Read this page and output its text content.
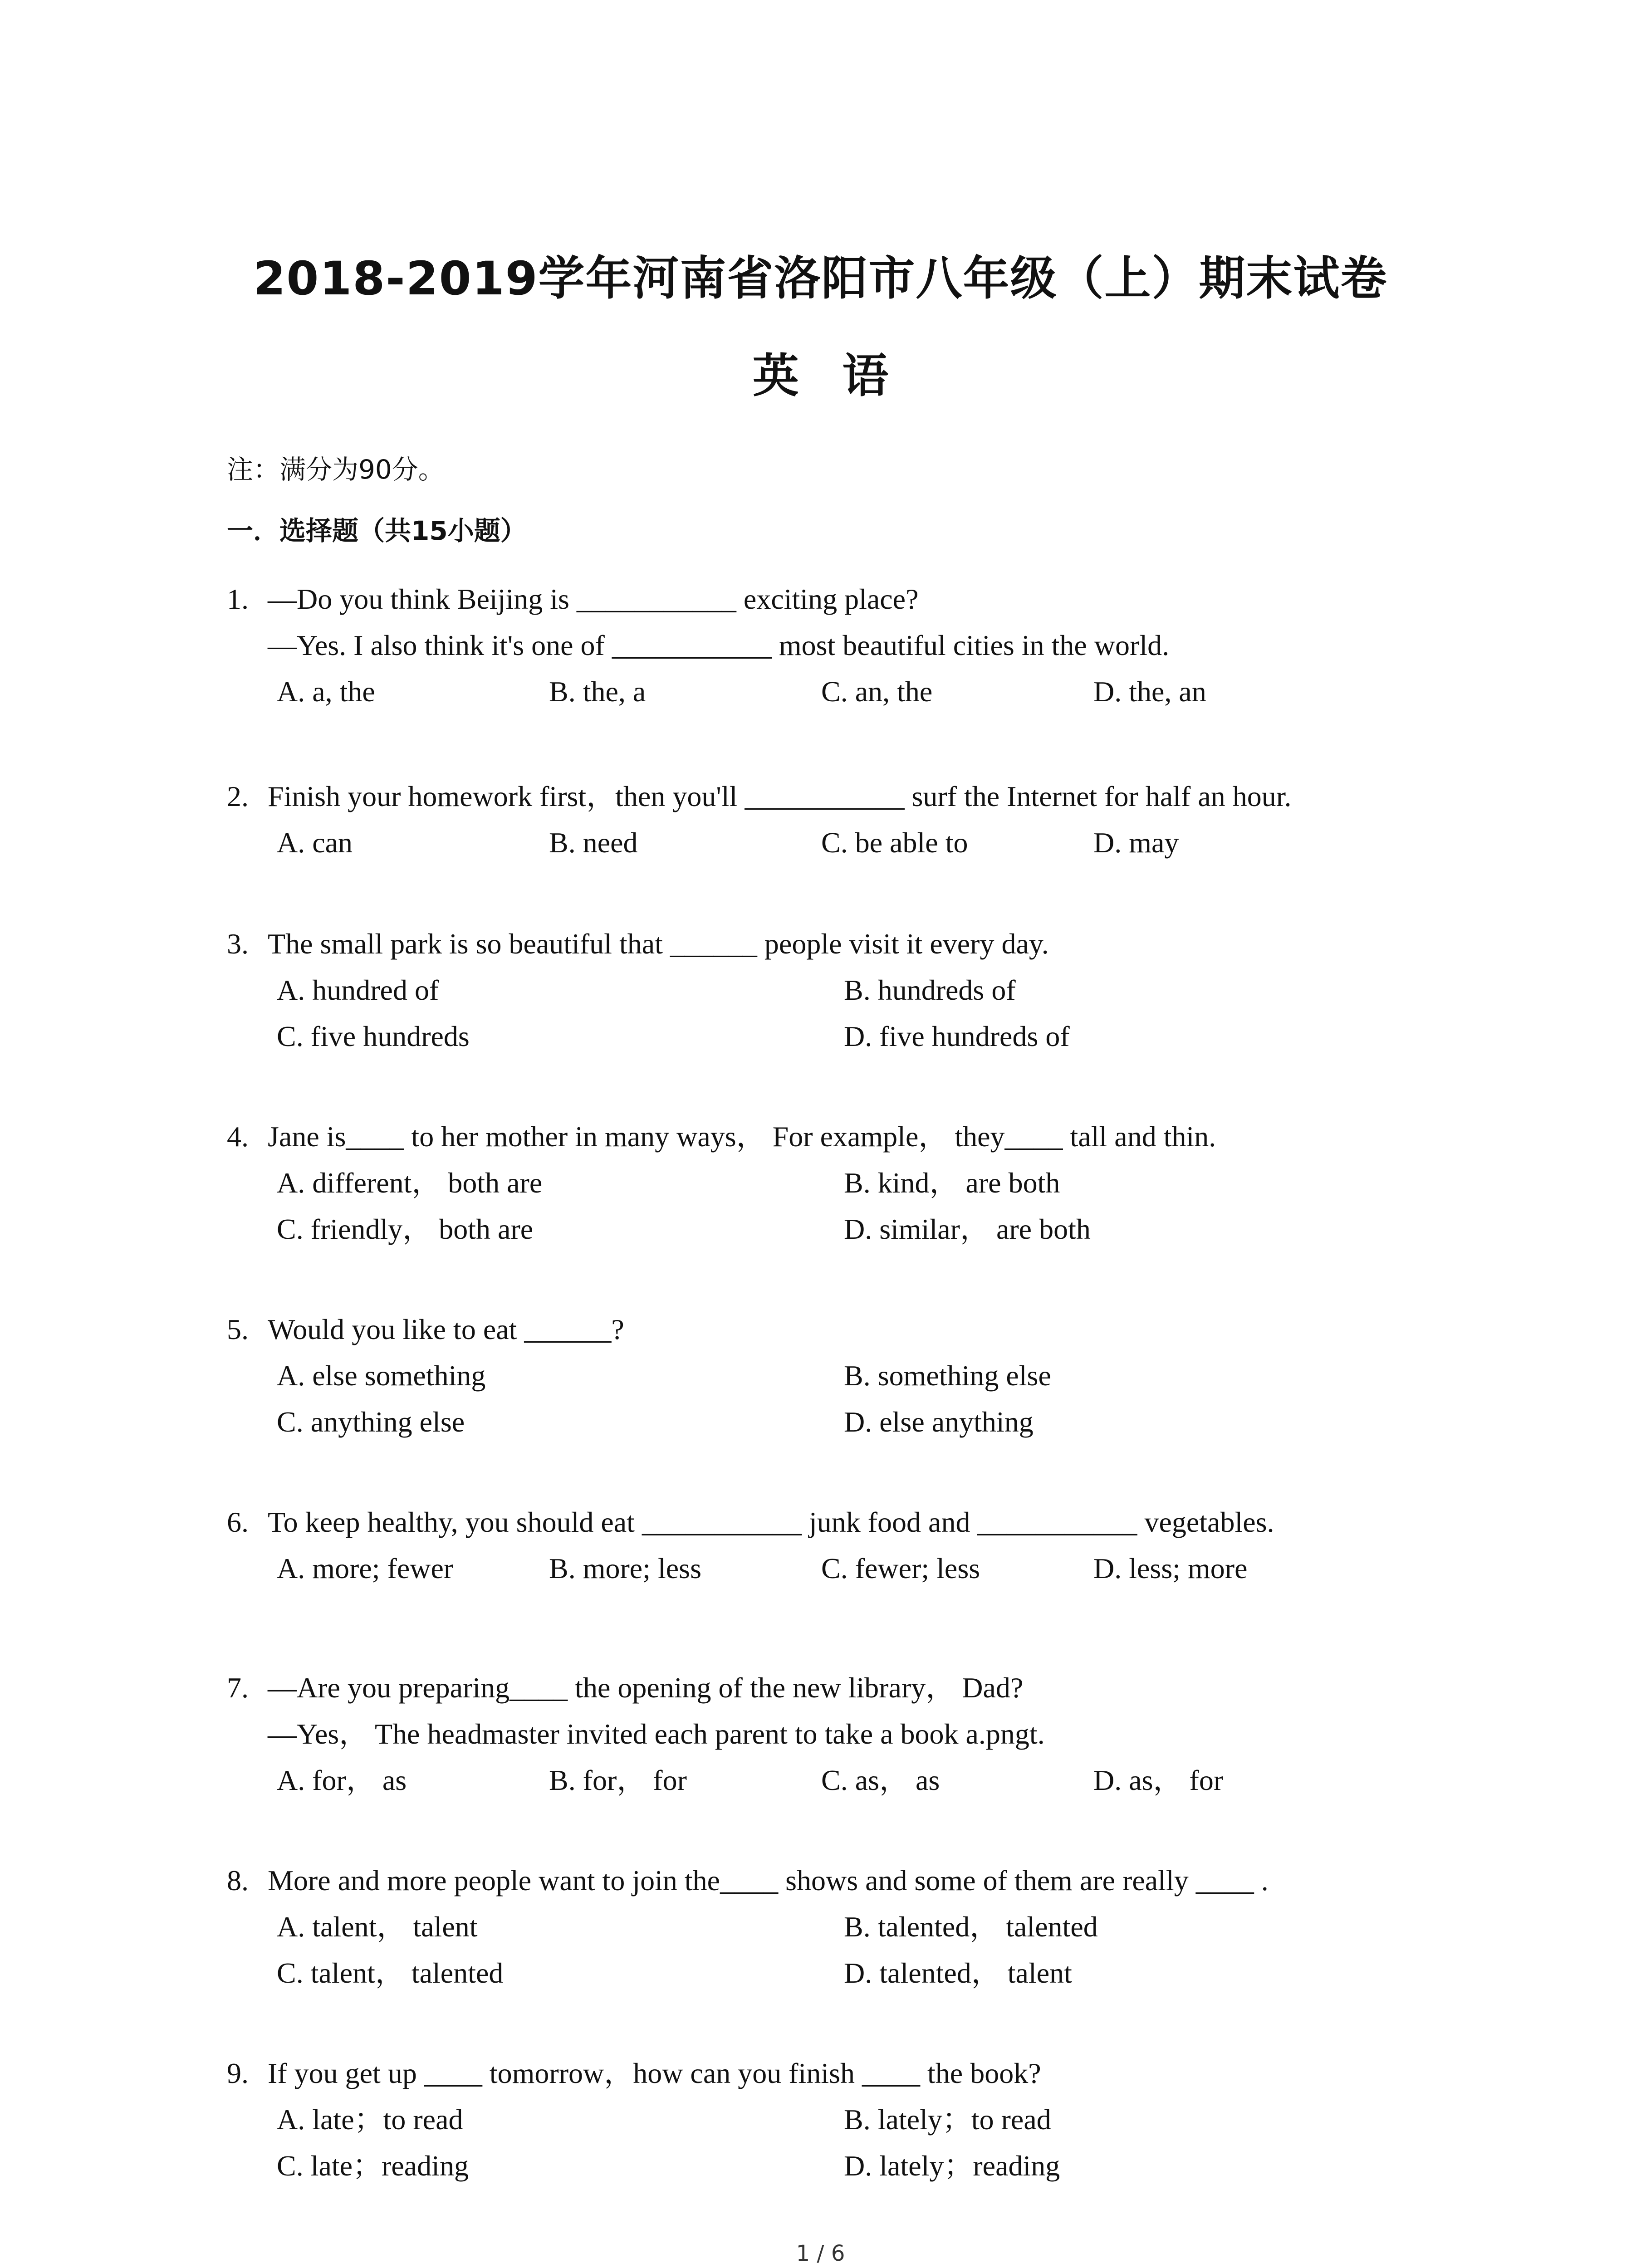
2018-2019学年河南省洛阳市八年级（上）期末试卷
英 语
注：满分为90分。
一．选择题（共15小题）
1. —Do you think Beijing is ___________ exciting place?
—Yes. I also think it's one of ___________ most beautiful cities in the world.
A. a, the	B. the, a	C. an, the	D. the, an
2. Finish your homework first，then you'll ___________ surf the Internet for half an hour.
A. can	B. need	C. be able to	D. may
3. The small park is so beautiful that ______ people visit it every day.
A. hundred of	B. hundreds of
C. five hundreds	D. five hundreds of
4. Jane is____ to her mother in many ways， For example， they____ tall and thin.
A. different， both are	B. kind， are both
C. friendly， both are	D. similar， are both
5. Would you like to eat ______?
A. else something	B. something else
C. anything else	D. else anything
6. To keep healthy, you should eat ___________ junk food and ___________ vegetables.
A. more; fewer	B. more; less	C. fewer; less	D. less; more
7. —Are you preparing____ the opening of the new library， Dad?
—Yes， The headmaster invited each parent to take a book a.pngt.
A. for， as	B. for， for	C. as， as	D. as， for
8. More and more people want to join the____ shows and some of them are really ____ .
A. talent， talent	B. talented， talented
C. talent， talented	D. talented， talent
9. If you get up ____ tomorrow，how can you finish ____ the book?
A. late；to read	B. lately；to read
C. late；reading	D. lately；reading
1 / 6
